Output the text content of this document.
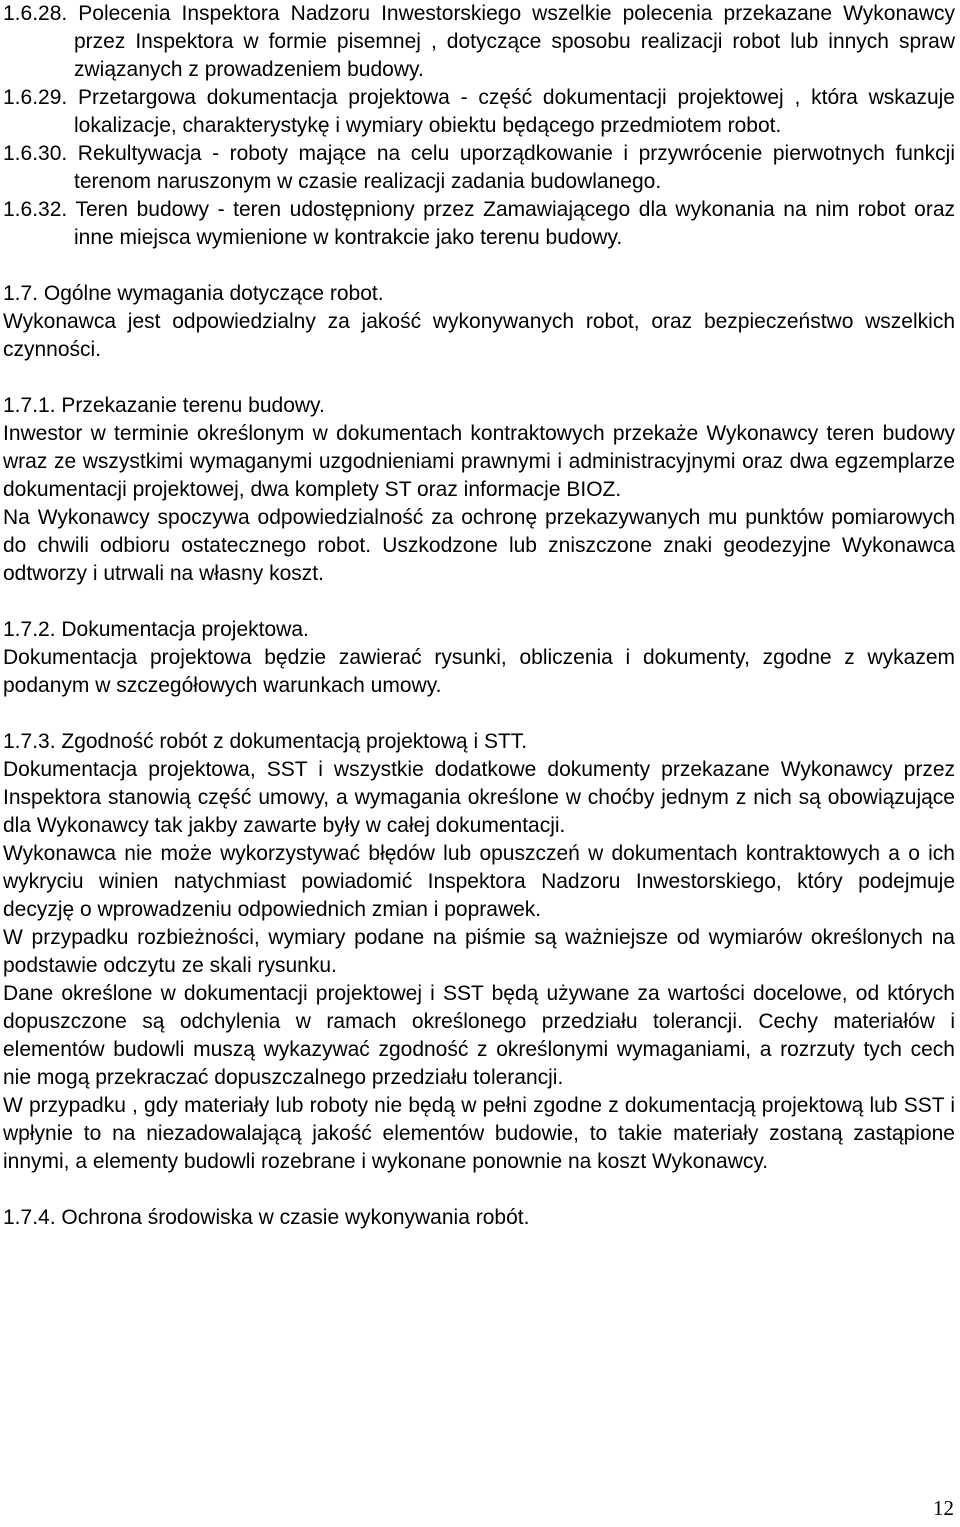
1.6.28. Polecenia Inspektora Nadzoru Inwestorskiego wszelkie polecenia przekazane Wykonawcy przez Inspektora w formie pisemnej , dotyczące sposobu realizacji robot lub innych spraw związanych z prowadzeniem budowy.

1.6.29. Przetargowa dokumentacja projektowa - część dokumentacji projektowej , która wskazuje lokalizacje, charakterystykę i wymiary obiektu będącego przedmiotem robot.

1.6.30. Rekultywacja - roboty mające na celu uporządkowanie i przywrócenie pierwotnych funkcji terenom naruszonym w czasie realizacji zadania budowlanego.

1.6.32. Teren budowy - teren udostępniony przez Zamawiającego dla wykonania na nim robot oraz inne miejsca wymienione w kontrakcie jako terenu budowy.

1.7. Ogólne wymagania dotyczące robot.

Wykonawca jest odpowiedzialny za jakość wykonywanych robot, oraz bezpieczeństwo wszelkich czynności.

1.7.1. Przekazanie terenu budowy.

Inwestor w terminie określonym w dokumentach kontraktowych przekaże Wykonawcy teren budowy wraz ze wszystkimi wymaganymi uzgodnieniami prawnymi i administracyjnymi oraz dwa egzemplarze dokumentacji projektowej, dwa komplety ST oraz informacje BIOZ.

Na Wykonawcy spoczywa odpowiedzialność za ochronę przekazywanych mu punktów pomiarowych do chwili odbioru ostatecznego robot. Uszkodzone lub zniszczone znaki geodezyjne Wykonawca odtworzy i utrwali na własny koszt.

1.7.2. Dokumentacja projektowa.

Dokumentacja projektowa będzie zawierać rysunki, obliczenia i dokumenty, zgodne z wykazem podanym w szczegółowych warunkach umowy.

1.7.3. Zgodność robót z dokumentacją projektową i STT.

Dokumentacja projektowa, SST i wszystkie dodatkowe dokumenty przekazane Wykonawcy przez Inspektora stanowią część umowy, a wymagania określone w choćby jednym z nich są obowiązujące dla Wykonawcy tak jakby zawarte były w całej dokumentacji.

Wykonawca nie może wykorzystywać błędów lub opuszczeń w dokumentach kontraktowych a o ich wykryciu winien natychmiast powiadomić Inspektora Nadzoru Inwestorskiego, który podejmuje decyzję o wprowadzeniu odpowiednich zmian i poprawek.

W przypadku rozbieżności, wymiary podane na piśmie są ważniejsze od wymiarów określonych na podstawie odczytu ze skali rysunku.

Dane określone w dokumentacji projektowej i SST będą używane za wartości docelowe, od których dopuszczone są odchylenia w ramach określonego przedziału tolerancji. Cechy materiałów i elementów budowli muszą wykazywać zgodność z określonymi wymaganiami, a rozrzuty tych cech nie mogą przekraczać dopuszczalnego przedziału tolerancji.

W przypadku , gdy materiały lub roboty nie będą w pełni zgodne z dokumentacją projektową lub SST i wpłynie to na niezadowalającą jakość elementów budowie, to takie materiały zostaną zastąpione innymi, a elementy budowli rozebrane i wykonane ponownie na koszt Wykonawcy.

1.7.4. Ochrona środowiska w czasie wykonywania robót.

12
